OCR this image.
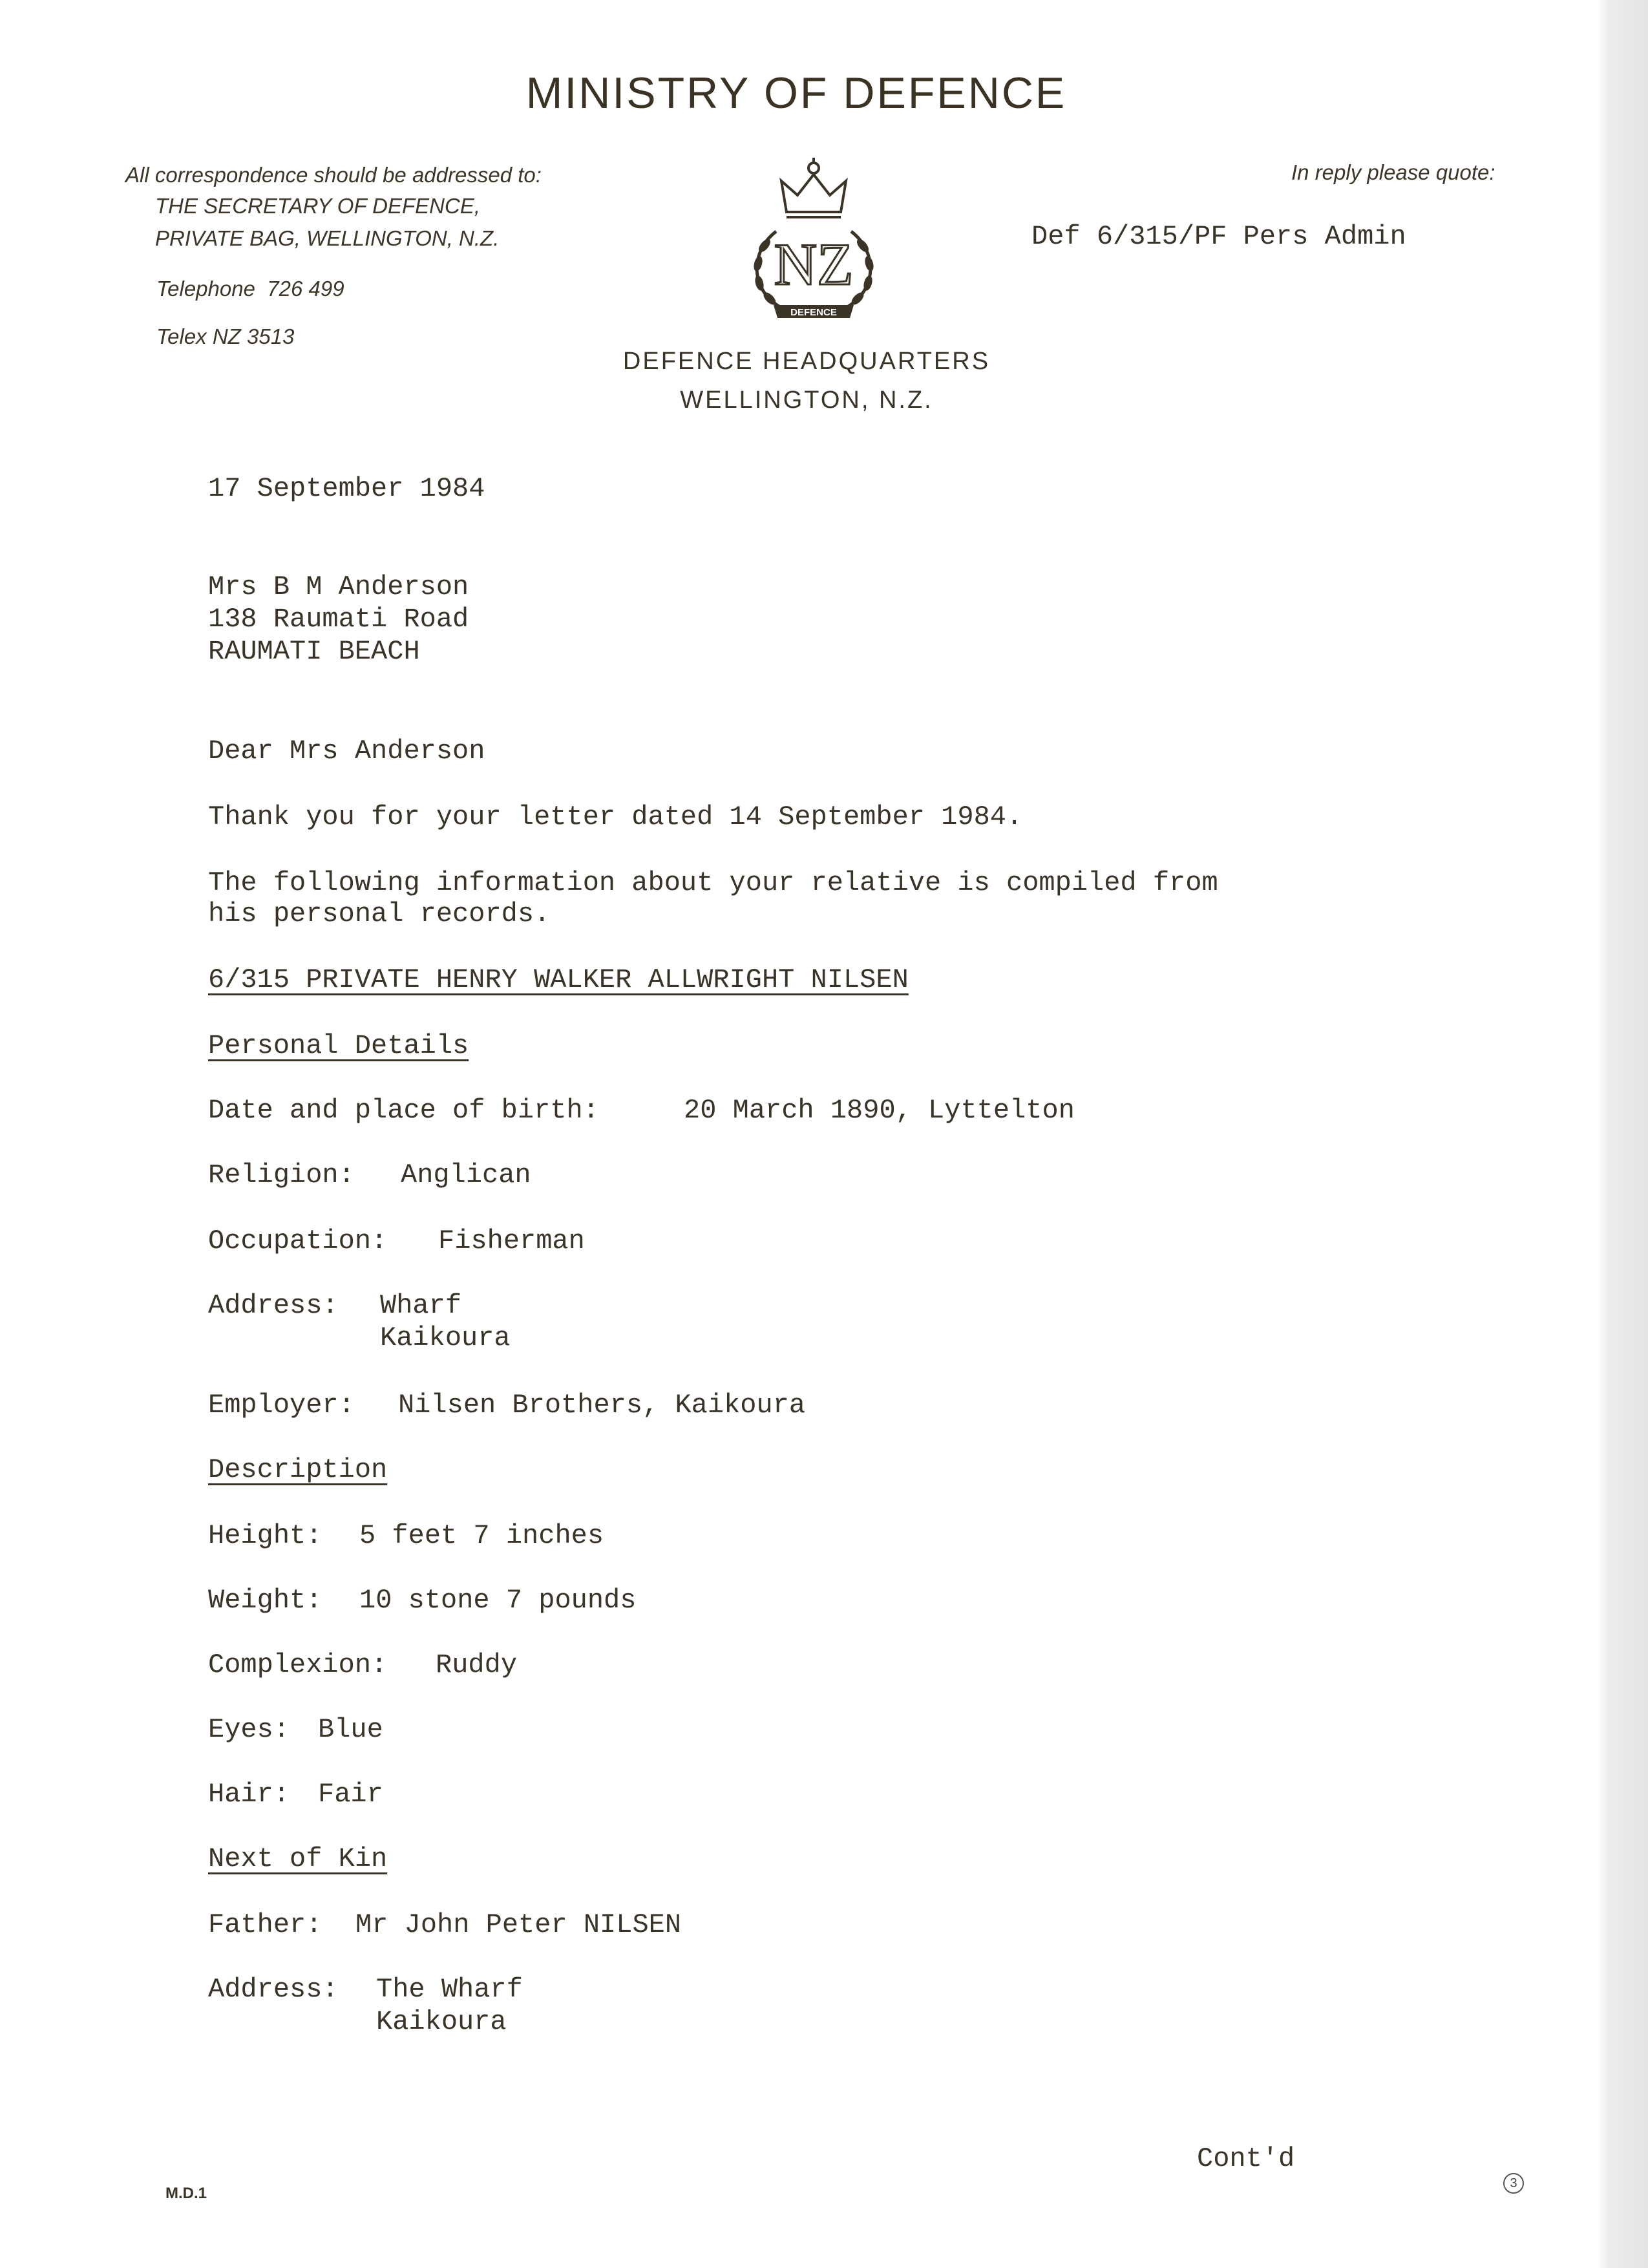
MINISTRY OF DEFENCE
All correspondence should be addressed to:
THE SECRETARY OF DEFENCE,
PRIVATE BAG, WELLINGTON, N.Z.
Telephone  726 499
Telex NZ 3513
In reply please quote:
Def 6/315/PF Pers Admin

NZ
DEFENCE

DEFENCE HEADQUARTERS
WELLINGTON, N.Z.
17 September 1984
Mrs B M Anderson
138 Raumati Road
RAUMATI BEACH
Dear Mrs Anderson
Thank you for your letter dated 14 September 1984.
The following information about your relative is compiled from
his personal records.
6/315 PRIVATE HENRY WALKER ALLWRIGHT NILSEN
Personal Details
Date and place of birth:	20 March 1890, Lyttelton
Religion: Anglican
Occupation: Fisherman
Address: Wharf
Kaikoura
Employer: Nilsen Brothers, Kaikoura
Description
Height: 5 feet 7 inches
Weight: 10 stone 7 pounds
Complexion: Ruddy
Eyes: Blue
Hair: Fair
Next of Kin
Father: Mr John Peter NILSEN
Address: The Wharf
Kaikoura
Cont'd
M.D.1
3
